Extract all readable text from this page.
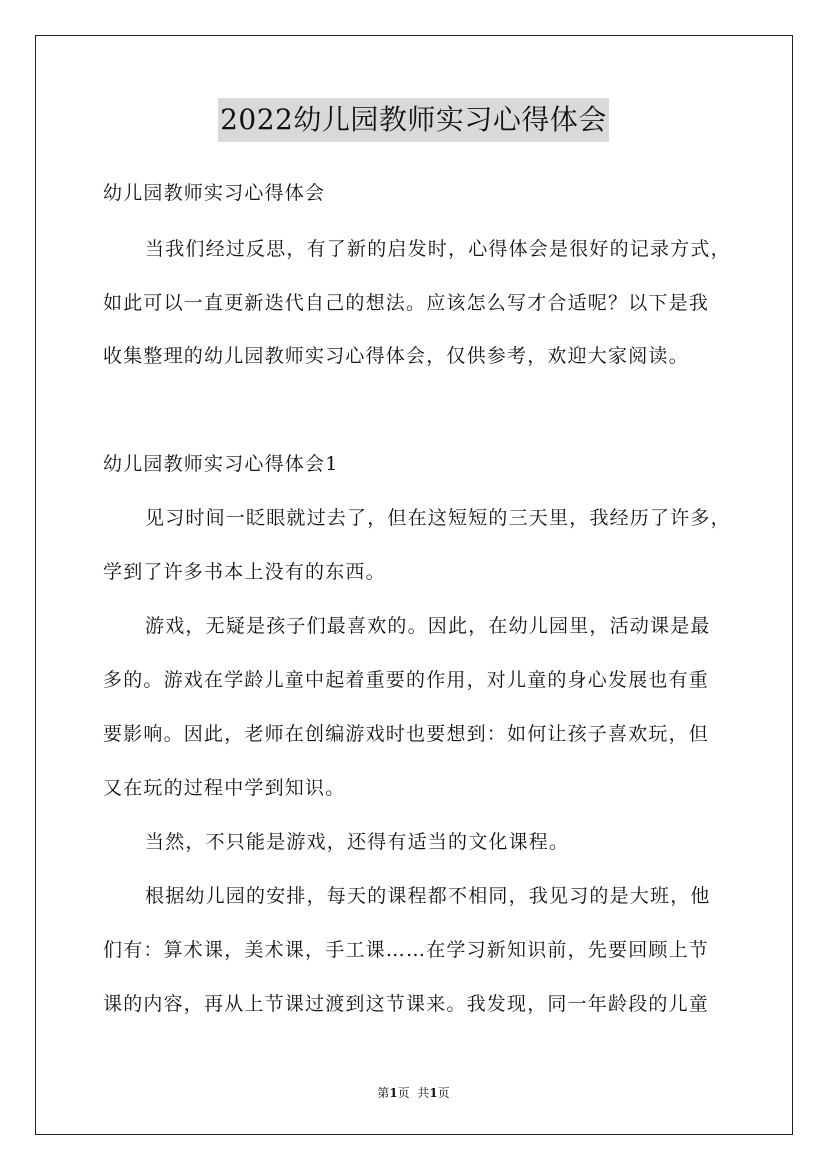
2022幼儿园教师实习心得体会
幼儿园教师实习心得体会
当我们经过反思，有了新的启发时，心得体会是很好的记录方式，
如此可以一直更新迭代自己的想法。应该怎么写才合适呢？以下是我
收集整理的幼儿园教师实习心得体会，仅供参考，欢迎大家阅读。
幼儿园教师实习心得体会1
见习时间一眨眼就过去了，但在这短短的三天里，我经历了许多，
学到了许多书本上没有的东西。
游戏，无疑是孩子们最喜欢的。因此，在幼儿园里，活动课是最
多的。游戏在学龄儿童中起着重要的作用，对儿童的身心发展也有重
要影响。因此，老师在创编游戏时也要想到：如何让孩子喜欢玩，但
又在玩的过程中学到知识。
当然，不只能是游戏，还得有适当的文化课程。
根据幼儿园的安排，每天的课程都不相同，我见习的是大班，他
们有：算术课，美术课，手工课……在学习新知识前，先要回顾上节
课的内容，再从上节课过渡到这节课来。我发现，同一年龄段的儿童
第1页  共1页
